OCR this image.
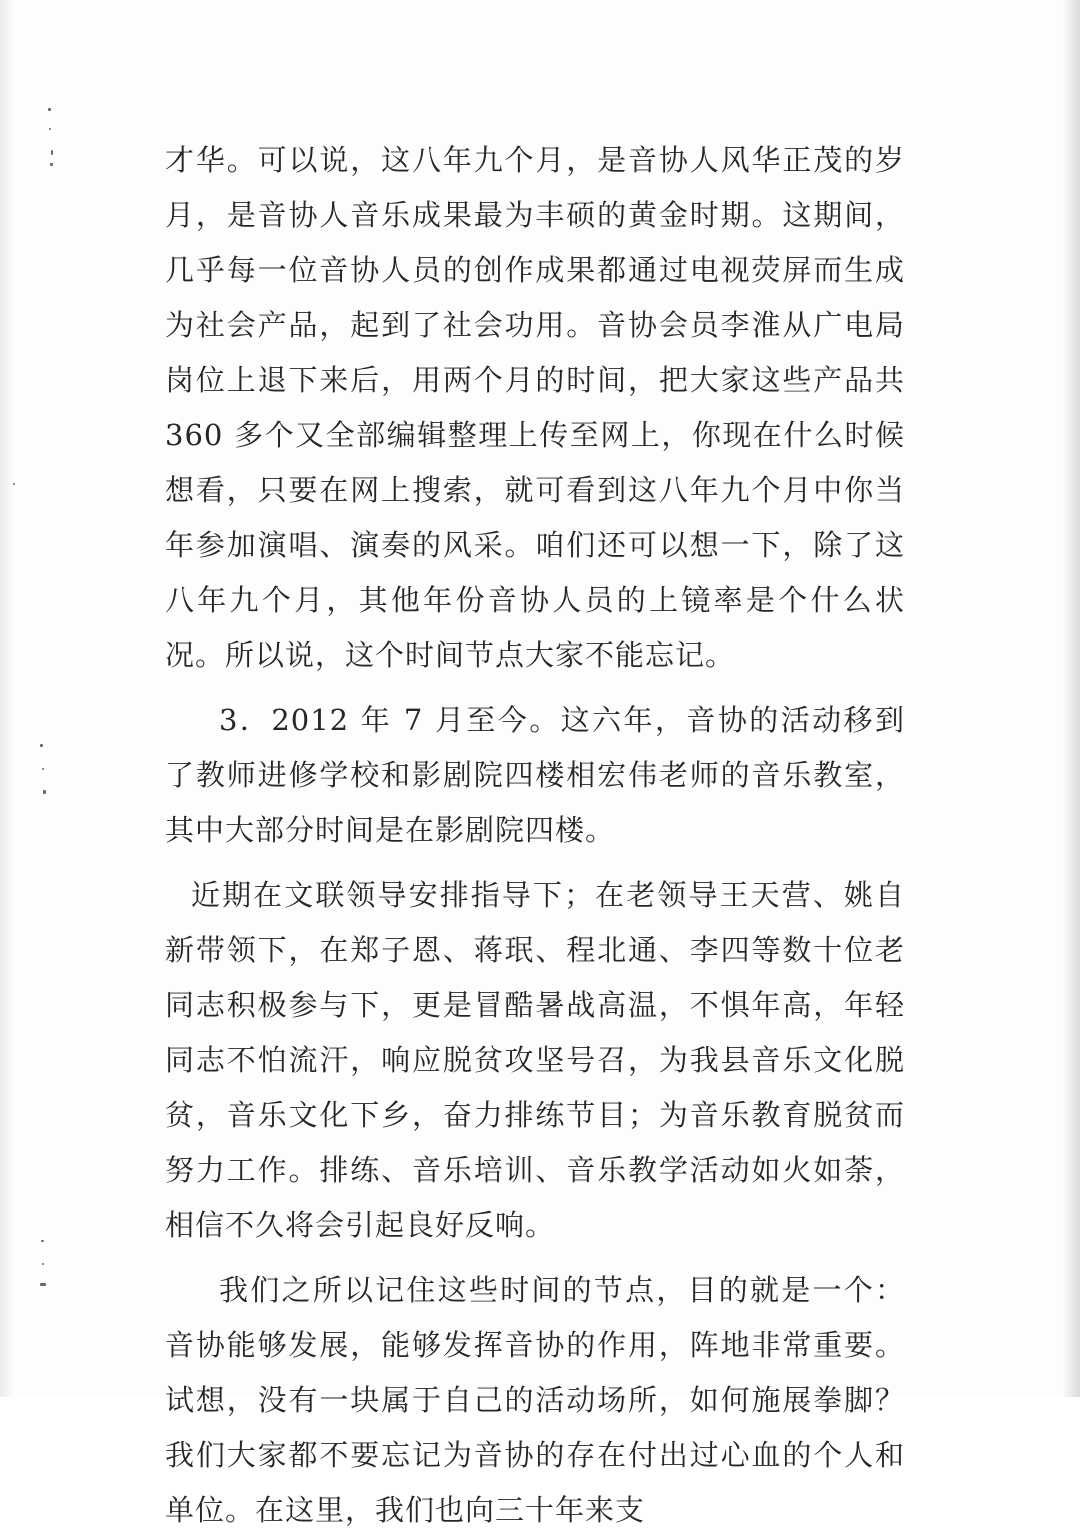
才华。可以说，这八年九个月，是音协人风华正茂的岁月，是音协人音乐成果最为丰硕的黄金时期。这期间，几乎每一位音协人员的创作成果都通过电视荧屏而生成为社会产品，起到了社会功用。音协会员李淮从广电局岗位上退下来后，用两个月的时间，把大家这些产品共 360 多个又全部编辑整理上传至网上，你现在什么时候想看，只要在网上搜索，就可看到这八年九个月中你当年参加演唱、演奏的风采。咱们还可以想一下，除了这八年九个月，其他年份音协人员的上镜率是个什么状况。所以说，这个时间节点大家不能忘记。

3．2012 年 7 月至今。这六年，音协的活动移到了教师进修学校和影剧院四楼相宏伟老师的音乐教室，其中大部分时间是在影剧院四楼。

近期在文联领导安排指导下；在老领导王天营、姚自新带领下，在郑子恩、蒋珉、程北通、李四等数十位老同志积极参与下，更是冒酷暑战高温，不惧年高，年轻同志不怕流汗，响应脱贫攻坚号召，为我县音乐文化脱贫，音乐文化下乡，奋力排练节目；为音乐教育脱贫而努力工作。排练、音乐培训、音乐教学活动如火如荼，相信不久将会引起良好反响。

我们之所以记住这些时间的节点，目的就是一个：音协能够发展，能够发挥音协的作用，阵地非常重要。试想，没有一块属于自己的活动场所，如何施展拳脚？我们大家都不要忘记为音协的存在付出过心血的个人和单位。在这里，我们也向三十年来支
